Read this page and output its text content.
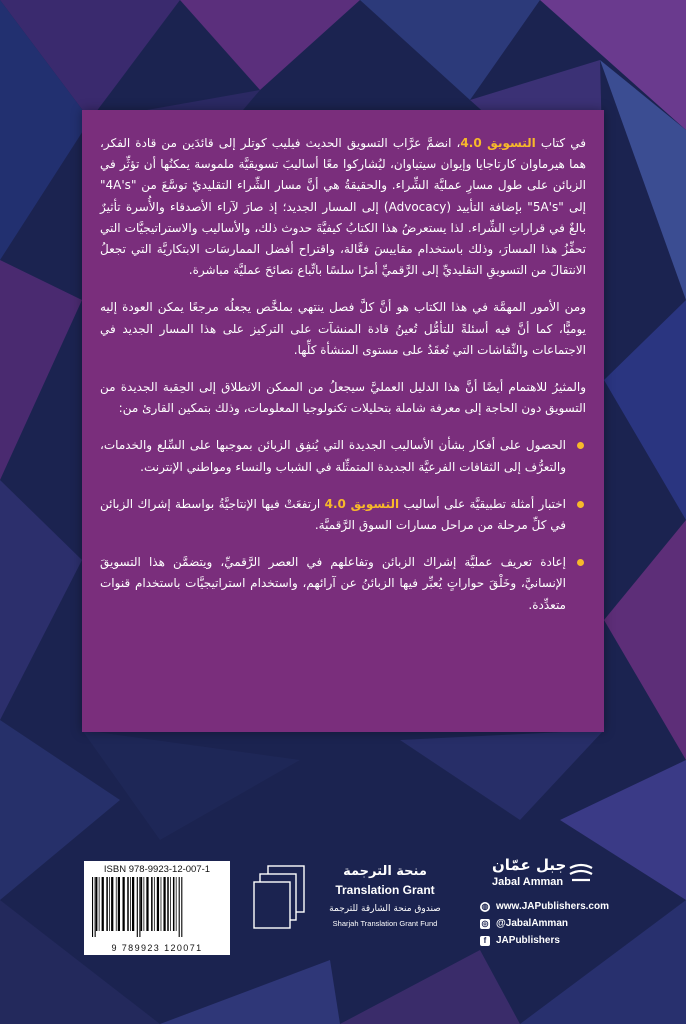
في كتاب التسويق 4.0، انضمَّ عرَّاب التسويق الحديث فيليب كوتلر إلى قائدَين من قادة الفكر، هما هيرماوان كارتاجايا وإيوان سيتياوان، ليُشاركوا معًا أساليبَ تسويقيَّة ملموسة يمكنُها أن تؤثِّر في الزبائن على طول مسارِ عمليَّة الشِّراء. والحقيقةُ هي أنَّ مسار الشِّراء التقليديّ توسَّعَ من "4A's" إلى "5A's" بإضافة التأييد (Advocacy) إلى المسار الجديد؛ إذ صارَ لآراء الأصدقاء والأُسرة تأثيرٌ بالغٌ في قراراتِ الشِّراء. لذا يستعرضُ هذا الكتابُ كيفيَّةَ حدوث ذلك، والأساليب والاستراتيجيَّات التي تحفِّزُ هذا المسارَ، وذلك باستخدام مقاييسَ فعَّالة، واقتراح أفضل الممارسَات الابتكاريَّة التي تجعلُ الانتقالَ من التسويقِ التقليديِّ إلى الرَّقميِّ أمرًا سلسًا باتِّباع نصائحَ عمليَّة مباشرة.

ومن الأمور المهمَّة في هذا الكتاب هو أنَّ كلَّ فصل ينتهي بملخَّص يجعلُه مرجعًا يمكن العودة إليه يوميًّا، كما أنَّ فيه أسئلةً للتأمُّل تُعينُ قادة المنشآت على التركيز على هذا المسار الجديد في الاجتماعات والنِّقاشات التي تُعقَدُ على مستوى المنشأة كلِّها.

والمثيرُ للاهتمام أيضًا أنَّ هذا الدليل العمليَّ سيجعلُ من الممكن الانطلاق إلى الحِقبة الجديدة من التسويق دون الحاجة إلى معرفة شاملة بتحليلات تكنولوجيا المعلومات، وذلك بتمكين القارئ من:

الحصول على أفكار بشأن الأساليب الجديدة التي يُنفِق الزبائن بموجبها على السِّلع والخدمات، والتعرُّف إلى الثقافات الفرعيَّة الجديدة المتمثِّلة في الشباب والنساء ومواطني الإنترنت.
اختبار أمثلة تطبيقيَّة على أساليب التسويق 4.0 ارتفعَتْ فيها الإنتاجيَّةُ بواسطة إشراك الزبائن في كلِّ مرحلة من مراحل مسارات السوق الرَّقميَّة.
إعادة تعريف عمليَّة إشراك الزبائن وتفاعلهم في العصر الرَّقميِّ، ويتضمَّن هذا التسويقَ الإنسانيَّ، وخَلْقَ حواراتٍ يُعبِّر فيها الزبائنُ عن آرائهم، واستخدام استراتيجيَّات باستخدام قنوات متعدِّدة.
ISBN 978-9923-12-007-1
9 789923 120071
منحة الترجمة
Translation Grant
صندوق منحة الشارقة للترجمة
Sharjah Translation Grant Fund
جبل عمّان
Jabal Amman
◍ www.JAPublishers.com
◎ @JabalAmman
f JAPublishers
